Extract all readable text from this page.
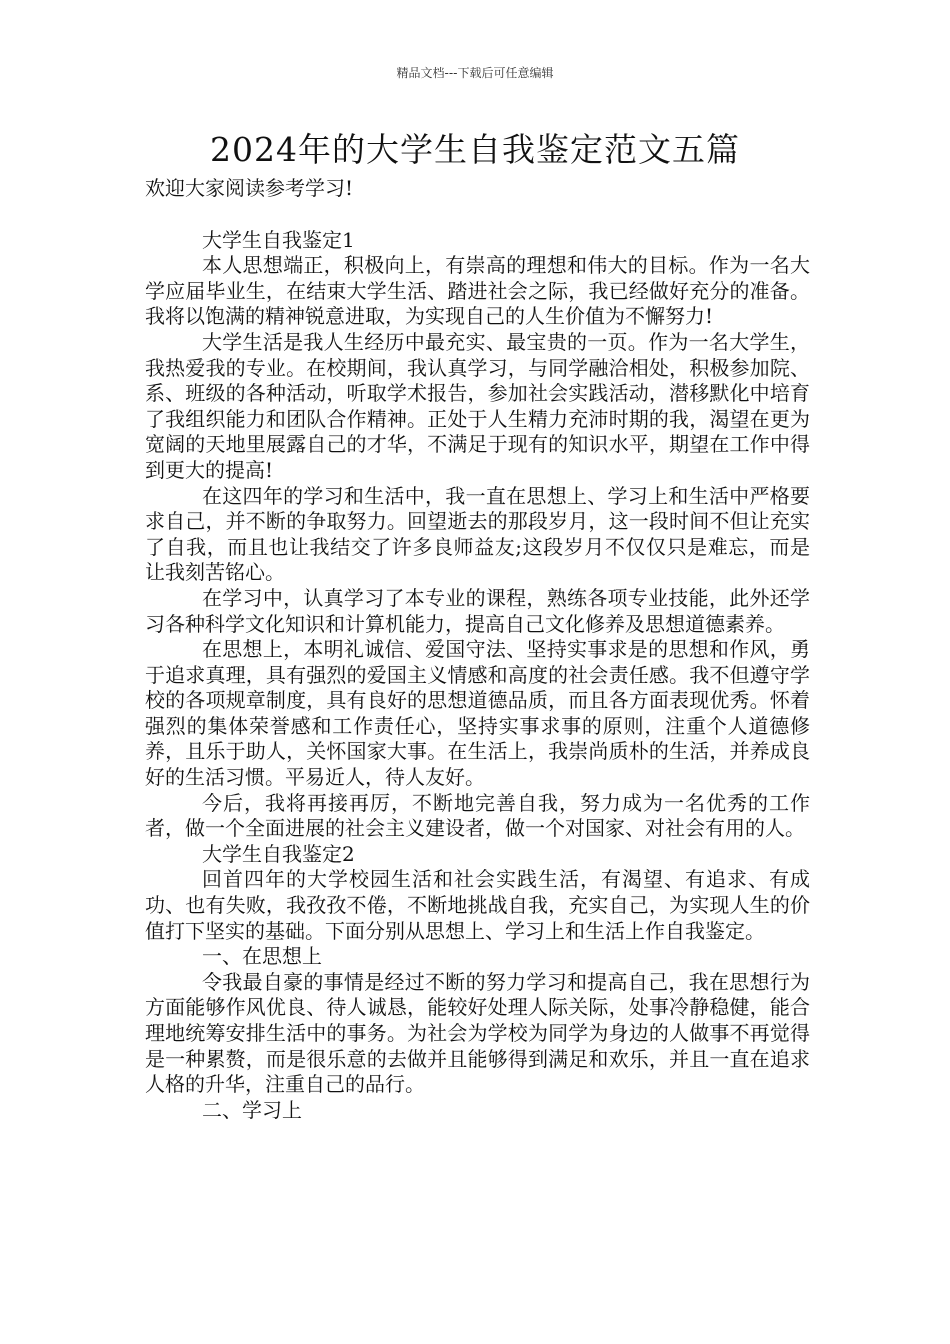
精品文档---下载后可任意编辑
2024年的大学生自我鉴定范文五篇

欢迎大家阅读参考学习!

大学生自我鉴定1

本人思想端正，积极向上，有崇高的理想和伟大的目标。作为一名大学应届毕业生，在结束大学生活、踏进社会之际，我已经做好充分的准备。我将以饱满的精神锐意进取，为实现自己的人生价值为不懈努力!

大学生活是我人生经历中最充实、最宝贵的一页。作为一名大学生，我热爱我的专业。在校期间，我认真学习，与同学融洽相处，积极参加院、系、班级的各种活动，听取学术报告，参加社会实践活动，潜移默化中培育了我组织能力和团队合作精神。正处于人生精力充沛时期的我，渴望在更为宽阔的天地里展露自己的才华，不满足于现有的知识水平，期望在工作中得到更大的提高!

在这四年的学习和生活中，我一直在思想上、学习上和生活中严格要求自己，并不断的争取努力。回望逝去的那段岁月，这一段时间不但让充实了自我，而且也让我结交了许多良师益友;这段岁月不仅仅只是难忘，而是让我刻苦铭心。

在学习中，认真学习了本专业的课程，熟练各项专业技能，此外还学习各种科学文化知识和计算机能力，提高自己文化修养及思想道德素养。

在思想上，本明礼诚信、爱国守法、坚持实事求是的思想和作风，勇于追求真理，具有强烈的爱国主义情感和高度的社会责任感。我不但遵守学校的各项规章制度，具有良好的思想道德品质，而且各方面表现优秀。怀着强烈的集体荣誉感和工作责任心，坚持实事求事的原则，注重个人道德修养，且乐于助人，关怀国家大事。在生活上，我崇尚质朴的生活，并养成良好的生活习惯。平易近人，待人友好。

今后，我将再接再厉，不断地完善自我，努力成为一名优秀的工作者，做一个全面进展的社会主义建设者，做一个对国家、对社会有用的人。

大学生自我鉴定2

回首四年的大学校园生活和社会实践生活，有渴望、有追求、有成功、也有失败，我孜孜不倦，不断地挑战自我，充实自己，为实现人生的价值打下坚实的基础。下面分别从思想上、学习上和生活上作自我鉴定。

一、在思想上

令我最自豪的事情是经过不断的努力学习和提高自己，我在思想行为方面能够作风优良、待人诚恳，能较好处理人际关际，处事冷静稳健，能合理地统筹安排生活中的事务。为社会为学校为同学为身边的人做事不再觉得是一种累赘，而是很乐意的去做并且能够得到满足和欢乐，并且一直在追求人格的升华，注重自己的品行。

二、学习上
